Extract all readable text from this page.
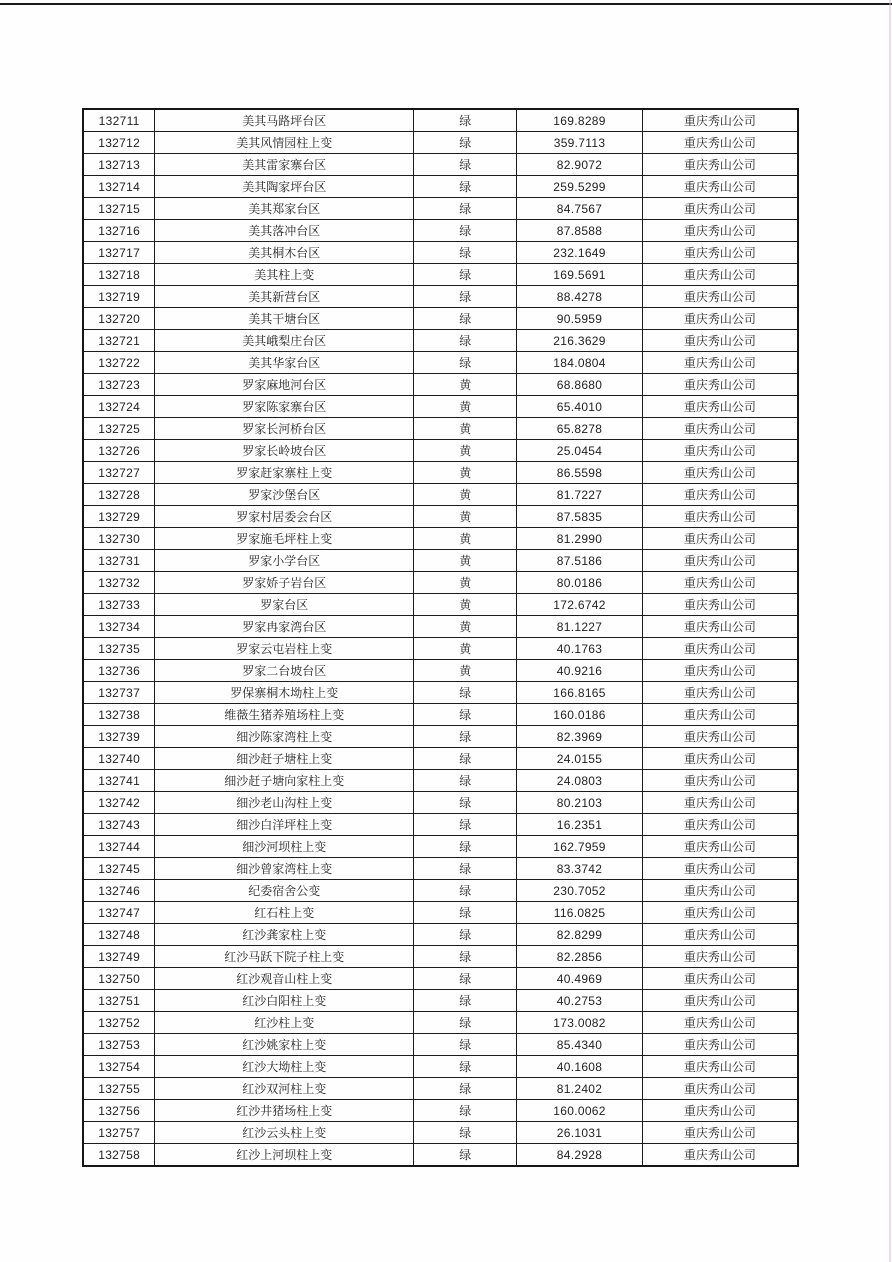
132711	美其马路坪台区	绿	169.8289	重庆秀山公司
132712	美其风情园柱上变	绿	359.7113	重庆秀山公司
132713	美其雷家寨台区	绿	82.9072	重庆秀山公司
132714	美其陶家坪台区	绿	259.5299	重庆秀山公司
132715	美其郑家台区	绿	84.7567	重庆秀山公司
132716	美其落冲台区	绿	87.8588	重庆秀山公司
132717	美其桐木台区	绿	232.1649	重庆秀山公司
132718	美其柱上变	绿	169.5691	重庆秀山公司
132719	美其新营台区	绿	88.4278	重庆秀山公司
132720	美其干塘台区	绿	90.5959	重庆秀山公司
132721	美其峨梨庄台区	绿	216.3629	重庆秀山公司
132722	美其华家台区	绿	184.0804	重庆秀山公司
132723	罗家麻地河台区	黄	68.8680	重庆秀山公司
132724	罗家陈家寨台区	黄	65.4010	重庆秀山公司
132725	罗家长河桥台区	黄	65.8278	重庆秀山公司
132726	罗家长岭坡台区	黄	25.0454	重庆秀山公司
132727	罗家赶家寨柱上变	黄	86.5598	重庆秀山公司
132728	罗家沙堡台区	黄	81.7227	重庆秀山公司
132729	罗家村居委会台区	黄	87.5835	重庆秀山公司
132730	罗家施毛坪柱上变	黄	81.2990	重庆秀山公司
132731	罗家小学台区	黄	87.5186	重庆秀山公司
132732	罗家娇子岩台区	黄	80.0186	重庆秀山公司
132733	罗家台区	黄	172.6742	重庆秀山公司
132734	罗家冉家湾台区	黄	81.1227	重庆秀山公司
132735	罗家云屯岩柱上变	黄	40.1763	重庆秀山公司
132736	罗家二台坡台区	黄	40.9216	重庆秀山公司
132737	罗保寨桐木坳柱上变	绿	166.8165	重庆秀山公司
132738	维薇生猪养殖场柱上变	绿	160.0186	重庆秀山公司
132739	细沙陈家湾柱上变	绿	82.3969	重庆秀山公司
132740	细沙赶子塘柱上变	绿	24.0155	重庆秀山公司
132741	细沙赶子塘向家柱上变	绿	24.0803	重庆秀山公司
132742	细沙老山沟柱上变	绿	80.2103	重庆秀山公司
132743	细沙白洋坪柱上变	绿	16.2351	重庆秀山公司
132744	细沙河坝柱上变	绿	162.7959	重庆秀山公司
132745	细沙曾家湾柱上变	绿	83.3742	重庆秀山公司
132746	纪委宿舍公变	绿	230.7052	重庆秀山公司
132747	红石柱上变	绿	116.0825	重庆秀山公司
132748	红沙龚家柱上变	绿	82.8299	重庆秀山公司
132749	红沙马跃下院子柱上变	绿	82.2856	重庆秀山公司
132750	红沙观音山柱上变	绿	40.4969	重庆秀山公司
132751	红沙白阳柱上变	绿	40.2753	重庆秀山公司
132752	红沙柱上变	绿	173.0082	重庆秀山公司
132753	红沙姚家柱上变	绿	85.4340	重庆秀山公司
132754	红沙大坳柱上变	绿	40.1608	重庆秀山公司
132755	红沙双河柱上变	绿	81.2402	重庆秀山公司
132756	红沙井猪场柱上变	绿	160.0062	重庆秀山公司
132757	红沙云头柱上变	绿	26.1031	重庆秀山公司
132758	红沙上河坝柱上变	绿	84.2928	重庆秀山公司
